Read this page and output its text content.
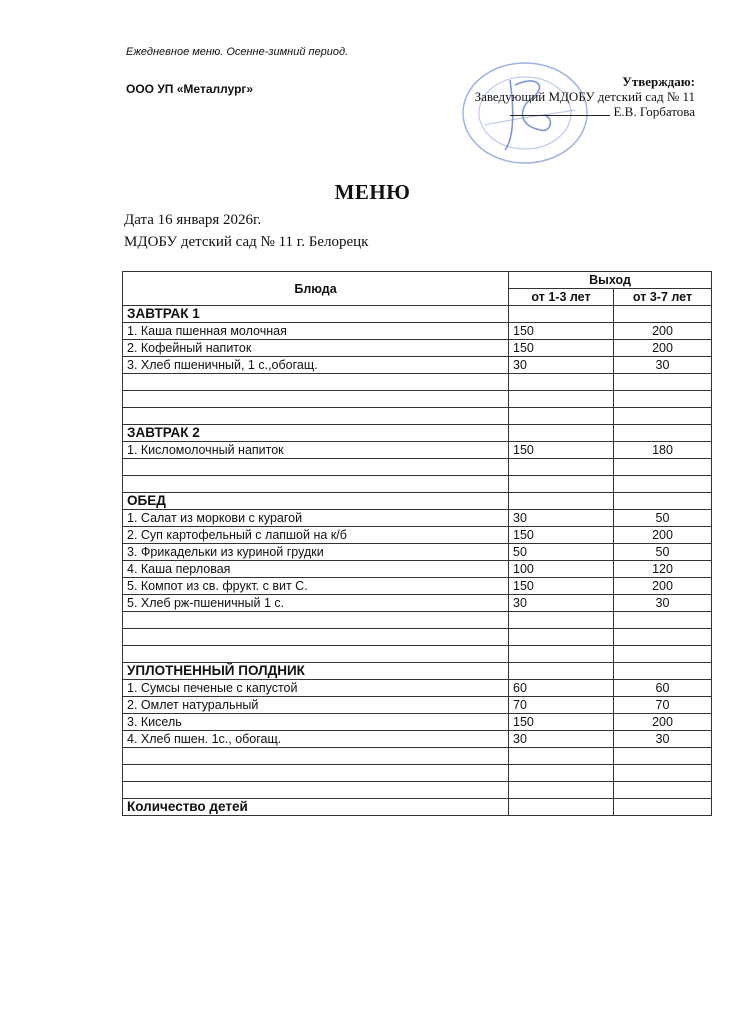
Ежедневное меню. Осенне-зимний период.
ООО УП «Металлург»	Утверждаю:
Заведующий МДОБУ детский сад № 11
Е.В. Горбатова
МЕНЮ
Дата 16 января 2026г.
МДОБУ детский сад № 11 г. Белорецк
Блюда	Выход	
	от 1-3 лет	от 3-7 лет
ЗАВТРАК 1		
1. Каша пшенная молочная	150	200
2. Кофейный напиток	150	200
3. Хлеб пшеничный, 1 с.,обогащ.	30	30

ЗАВТРАК 2		
1. Кисломолочный напиток	150	180

ОБЕД		
1. Салат из моркови с курагой	30	50
2. Суп картофельный с лапшой на к/б	150	200
3. Фрикадельки из куриной грудки	50	50
4. Каша перловая	100	120
5. Компот из св. фрукт. с вит С.	150	200
5. Хлеб рж-пшеничный 1 с.	30	30

УПЛОТНЕННЫЙ ПОЛДНИК		
1. Сумсы печеные с капустой	60	60
2. Омлет натуральный	70	70
3. Кисель	150	200
4. Хлеб пшен. 1с., обогащ.	30	30

Количество детей		
